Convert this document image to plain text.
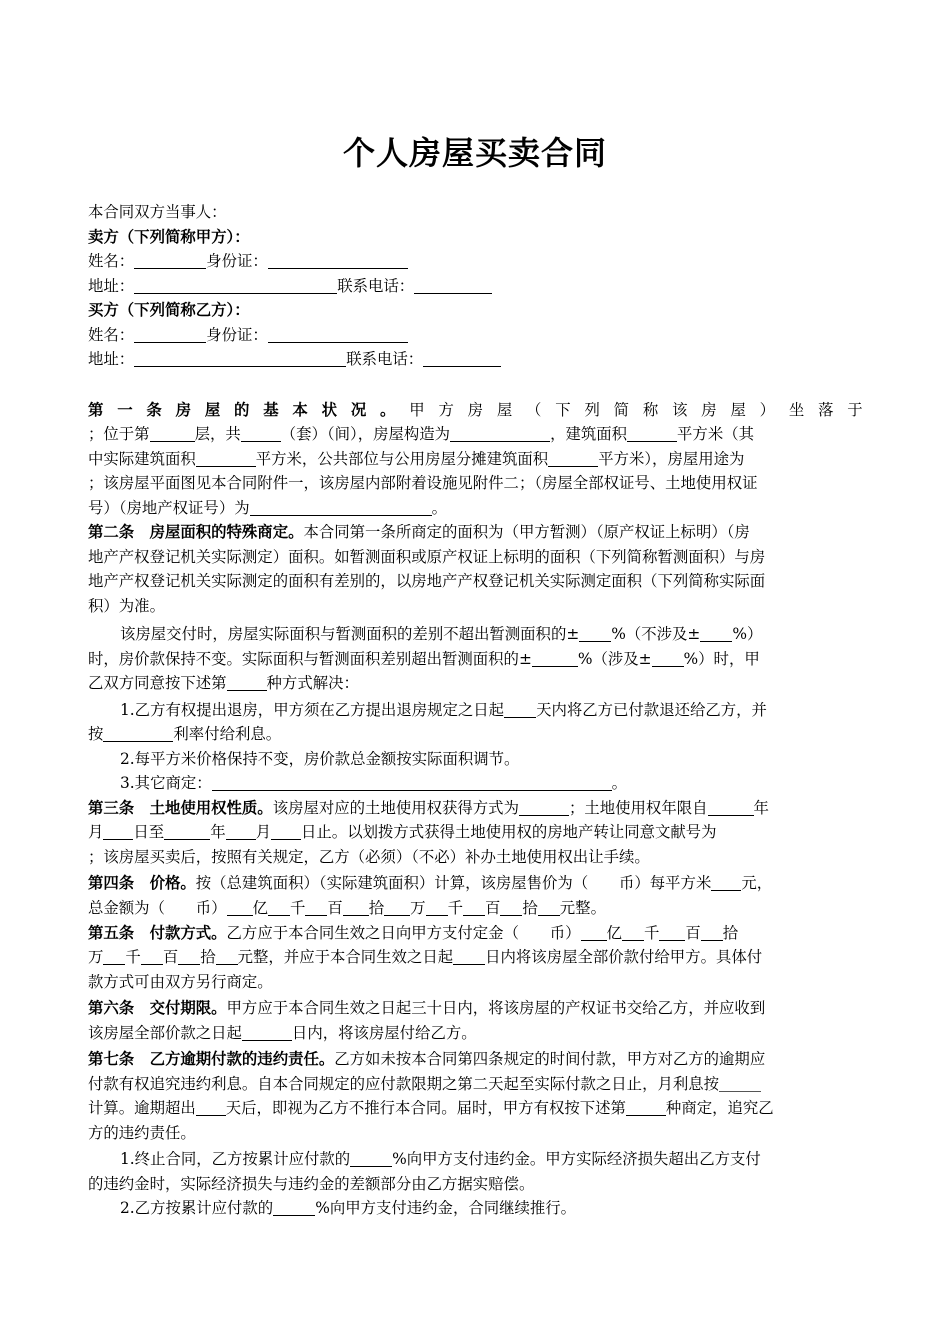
个人房屋买卖合同
本合同双方当事人：
卖方（下列简称甲方）：
姓名：	身份证：
地址：	联系电话：
买方（下列简称乙方）：
姓名：	身份证：
地址：	联系电话：
第 一 条 房 屋 的 基 本 状 况 。 甲 方 房 屋 （ 下 列 简 称 该 房 屋 ） 坐 落 于
；位于第	层，共	（套）（间），房屋构造为	，建筑面积	平方米（其
中实际建筑面积	平方米，公共部位与公用房屋分摊建筑面积	平方米），房屋用途为
；该房屋平面图见本合同附件一，该房屋内部附着设施见附件二；（房屋全部权证号、土地使用权证
号）（房地产权证号）为	。
第二条　房屋面积的特殊商定。本合同第一条所商定的面积为（甲方暂测）（原产权证上标明）（房
地产产权登记机关实际测定）面积。如暂测面积或原产权证上标明的面积（下列简称暂测面积）与房
地产产权登记机关实际测定的面积有差别的，以房地产产权登记机关实际测定面积（下列简称实际面
积）为准。
该房屋交付时，房屋实际面积与暂测面积的差别不超出暂测面积的± %（不涉及± %）
时，房价款保持不变。实际面积与暂测面积差别超出暂测面积的±	%（涉及± %）时，甲
乙双方同意按下述第	种方式解决：
1.乙方有权提出退房，甲方须在乙方提出退房规定之日起 天内将乙方已付款退还给乙方，并
按	利率付给利息。
2.每平方米价格保持不变，房价款总金额按实际面积调节。
3.其它商定：	。
第三条　土地使用权性质。该房屋对应的土地使用权获得方式为	；土地使用权年限自	年
月 日至	年 月 日止。以划拨方式获得土地使用权的房地产转让同意文献号为
；该房屋买卖后，按照有关规定，乙方（必须）（不必）补办土地使用权出让手续。
第四条　价格。按（总建筑面积）（实际建筑面积）计算，该房屋售价为（　　币）每平方米 元，
总金额为（　　币） 亿 千 百 拾 万 千 百 拾 元整。
第五条　付款方式。乙方应于本合同生效之日向甲方支付定金（　　币） 亿 千 百 拾
万 千 百 拾 元整，并应于本合同生效之日起 日内将该房屋全部价款付给甲方。具体付
款方式可由双方另行商定。
第六条　交付期限。甲方应于本合同生效之日起三十日内，将该房屋的产权证书交给乙方，并应收到
该房屋全部价款之日起	日内，将该房屋付给乙方。
第七条　乙方逾期付款的违约责任。乙方如未按本合同第四条规定的时间付款，甲方对乙方的逾期应
付款有权追究违约利息。自本合同规定的应付款限期之第二天起至实际付款之日止，月利息按
计算。逾期超出 天后，即视为乙方不推行本合同。届时，甲方有权按下述第	种商定，追究乙
方的违约责任。
1.终止合同，乙方按累计应付款的	%向甲方支付违约金。甲方实际经济损失超出乙方支付
的违约金时，实际经济损失与违约金的差额部分由乙方据实赔偿。
2.乙方按累计应付款的	%向甲方支付违约金，合同继续推行。
